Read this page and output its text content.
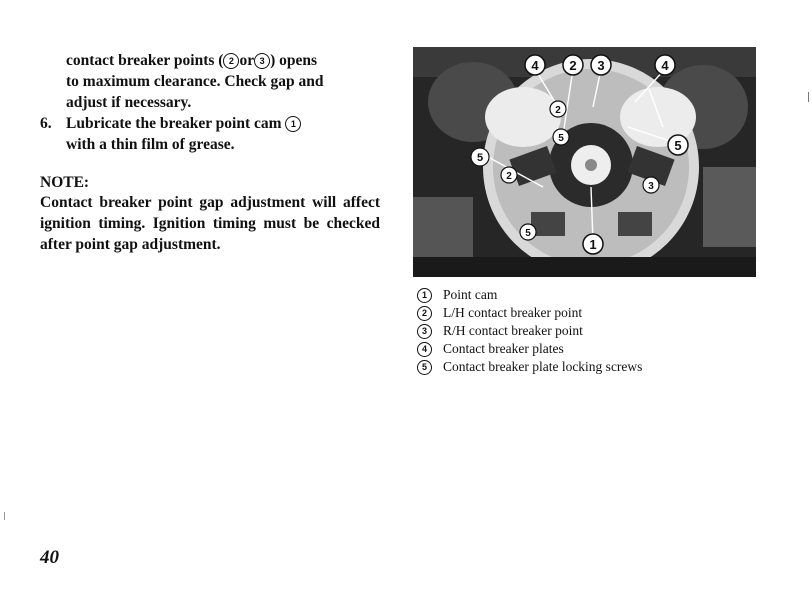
contact breaker points ( 2 or 3 ) opens
to maximum clearance. Check gap and
adjust if necessary.

6. Lubricate the breaker point cam 1
with a thin film of grease.
NOTE:

Contact breaker point gap adjustment will affect ignition timing. Ignition timing must be checked after point gap adjustment.

4 2 3	4
2
5	5
5
2
3
5
1
1	Point cam
2	L/H contact breaker point
3	R/H contact breaker point
4	Contact breaker plates
5	Contact breaker plate locking screws
40
